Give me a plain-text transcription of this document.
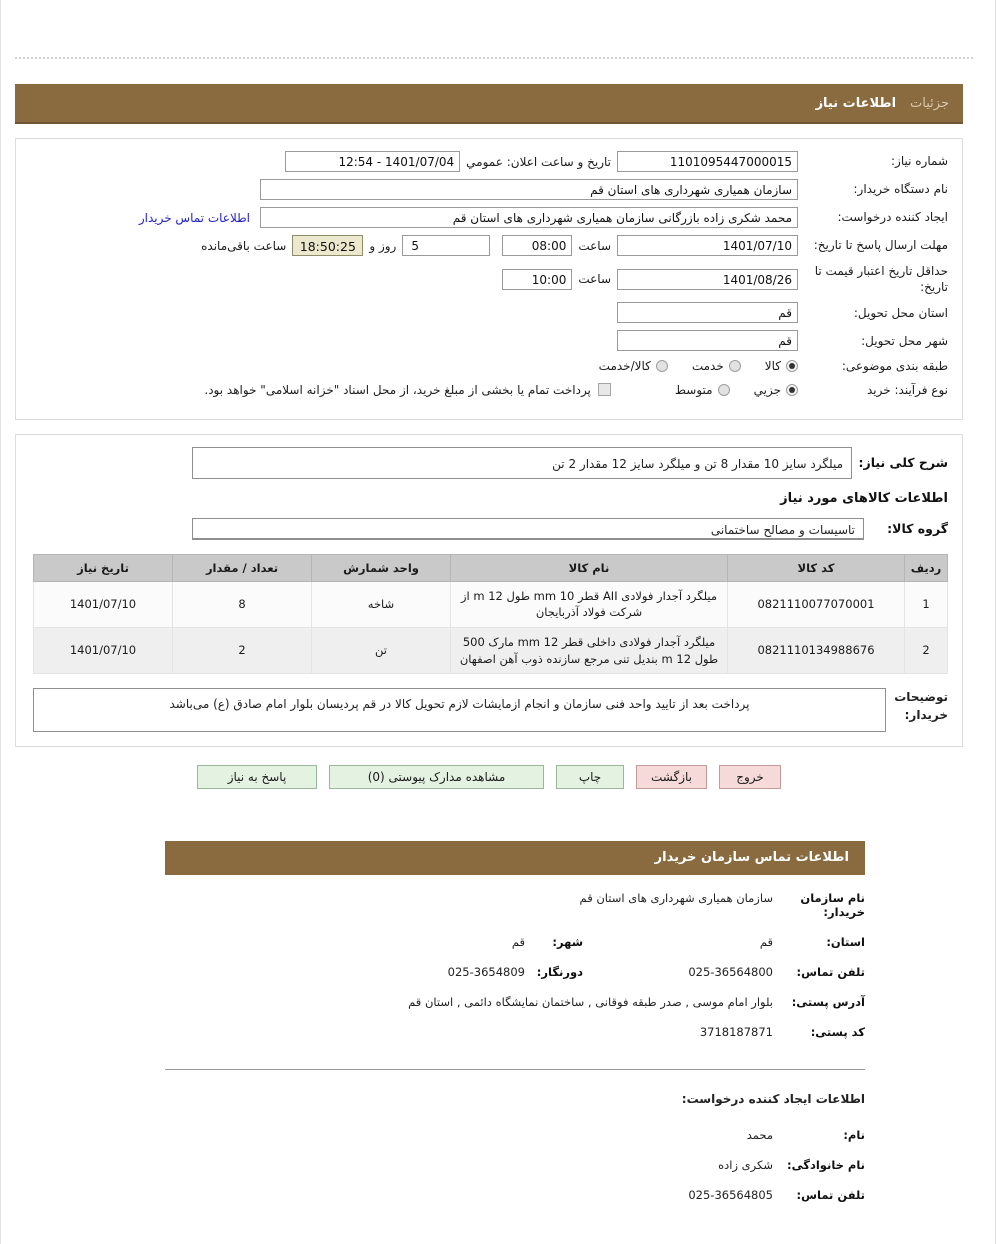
جزئیات
اطلاعات نیاز
شماره نیاز:
1101095447000015
تاریخ و ساعت اعلان: عمومي
1401/07/04 - 12:54
نام دستگاه خریدار:
سازمان همیاری شهرداری های استان قم
ایجاد کننده درخواست:
محمد شکری زاده بازرگانی سازمان همیاری شهرداری های استان قم
اطلاعات تماس خریدار
مهلت ارسال پاسخ تا تاریخ:
1401/07/10
ساعت
08:00
5
روز و
18:50:25
ساعت باقی‌مانده
حداقل تاریخ اعتبار قیمت تا تاریخ:
1401/08/26
ساعت
10:00
استان محل تحویل:
قم
شهر محل تحویل:
قم
طبقه بندی موضوعی:
کالا
خدمت
کالا/خدمت
نوع فرآیند: خرید
جزيي
متوسط
پرداخت تمام یا بخشی از مبلغ خرید، از محل اسناد "خزانه اسلامی" خواهد بود.
شرح کلی نیاز:
میلگرد سایز 10 مقدار 8 تن و میلگرد سایز 12 مقدار 2 تن
اطلاعات کالاهای مورد نیاز
گروه کالا:
تاسیسات و مصالح ساختمانی
ردیف	کد کالا	نام کالا	واحد شمارش	تعداد / مقدار	تاریخ نیاز
1	0821110077070001	میلگرد آجدار فولادی AII قطر 10 mm طول 12 m از شرکت فولاد آذربایجان	شاخه	8	1401/07/10
2	0821110134988676	میلگرد آجدار فولادی داخلی قطر 12 mm مارک 500 طول 12 m بندیل تنی مرجع سازنده ذوب آهن اصفهان	تن	2	1401/07/10
توضیحات خریدار:
پرداخت بعد از تایید واحد فنی سازمان و انجام ازمایشات لازم تحویل کالا در قم پردیسان بلوار امام صادق (ع) می‌باشد
خروج
بازگشت
چاپ
مشاهده مدارک پیوستی (0)
پاسخ به نیاز
اطلاعات تماس سازمان خریدار
نام سازمان خریدار:
سازمان همیاری شهرداری های استان قم
استان:
قم
شهر:
قم
تلفن تماس:
025-36564800
دورنگار:
025-3654809
آدرس پستی:
بلوار امام موسی , صدر طبقه فوقانی , ساختمان نمایشگاه دائمی , استان قم
کد پستی:
3718187871
اطلاعات ایجاد کننده درخواست:
نام:
محمد
نام خانوادگی:
شکری زاده
تلفن تماس:
025-36564805
